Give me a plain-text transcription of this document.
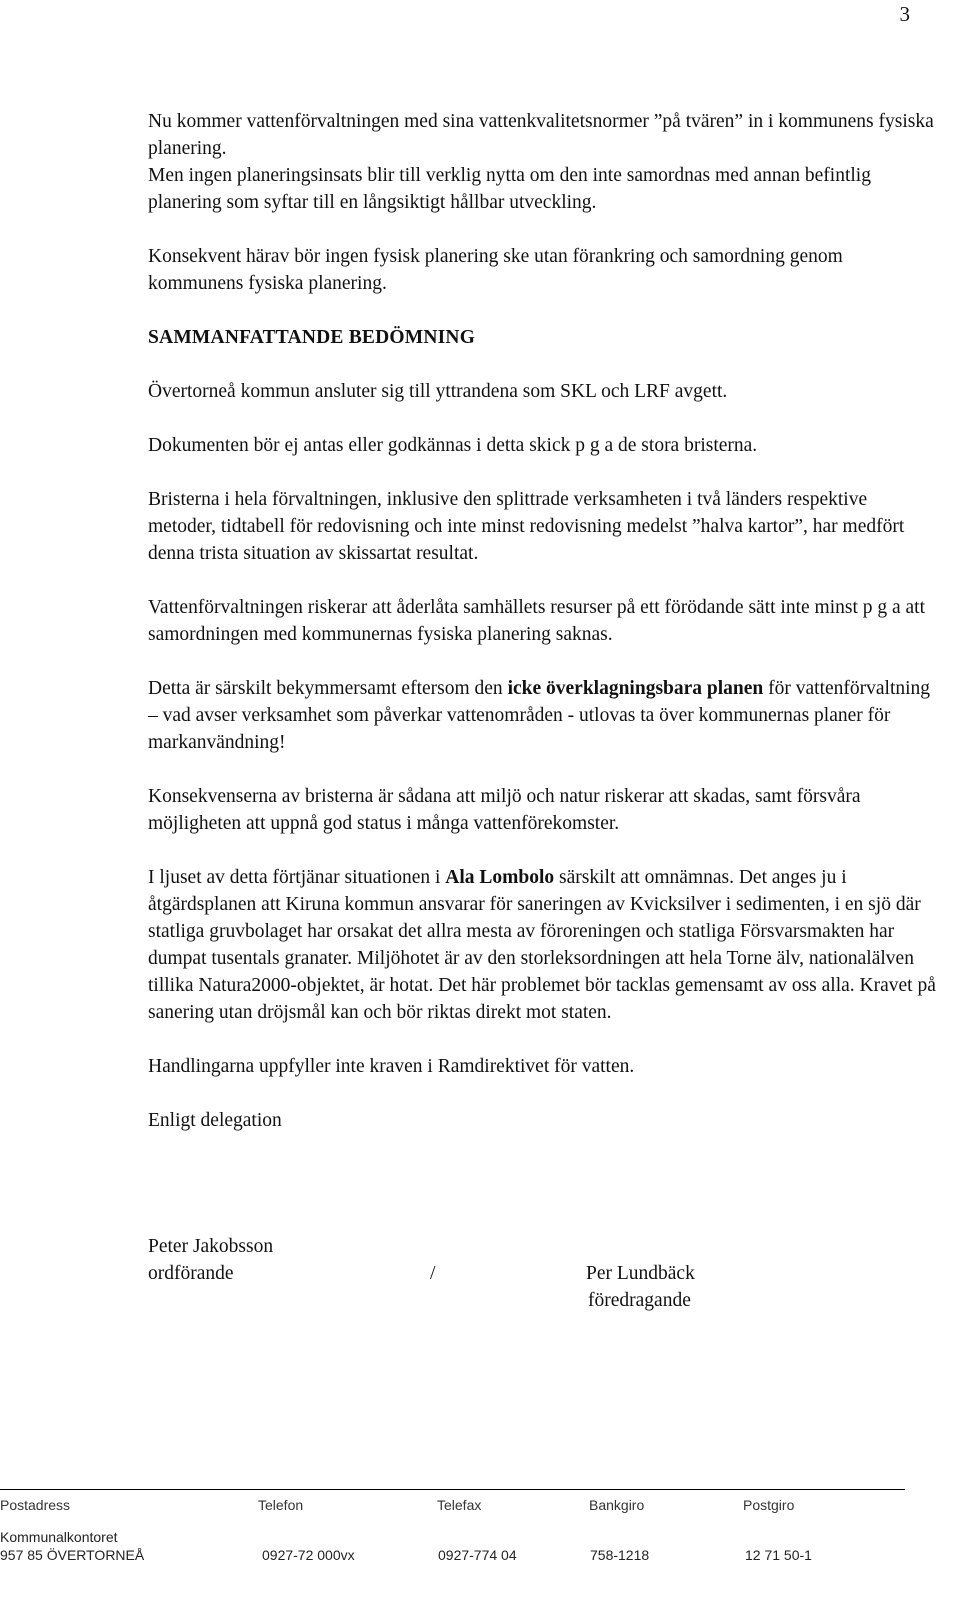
3

Nu kommer vattenförvaltningen med sina vattenkvalitetsnormer ”på tvären” in i kommunens fysiska planering.

Men ingen planeringsinsats blir till verklig nytta om den inte samordnas med annan befintlig planering som syftar till en långsiktigt hållbar utveckling.

Konsekvent härav bör ingen fysisk planering ske utan förankring och samordning genom kommunens fysiska planering.

SAMMANFATTANDE BEDÖMNING

Övertorneå kommun ansluter sig till yttrandena som SKL och LRF avgett.

Dokumenten bör ej antas eller godkännas i detta skick p g a de stora bristerna.

Bristerna i hela förvaltningen, inklusive den splittrade verksamheten i två länders respektive metoder, tidtabell för redovisning och inte minst redovisning medelst ”halva kartor”, har medfört denna trista situation av skissartat resultat.

Vattenförvaltningen riskerar att åderlåta samhällets resurser på ett förödande sätt inte minst p g a att samordningen med kommunernas fysiska planering saknas.

Detta är särskilt bekymmersamt eftersom den icke överklagningsbara planen för vattenförvaltning – vad avser verksamhet som påverkar vattenområden - utlovas ta över kommunernas planer för markanvändning!

Konsekvenserna av bristerna är sådana att miljö och natur riskerar att skadas, samt försvåra möjligheten att uppnå god status i många vattenförekomster.

I ljuset av detta förtjänar situationen i Ala Lombolo särskilt att omnämnas. Det anges ju i åtgärdsplanen att Kiruna kommun ansvarar för saneringen av Kvicksilver i sedimenten, i en sjö där statliga gruvbolaget har orsakat det allra mesta av föroreningen och statliga Försvarsmakten har dumpat tusentals granater. Miljöhotet är av den storleksordningen att hela Torne älv, nationalälven tillika Natura2000-objektet, är hotat. Det här problemet bör tacklas gemensamt av oss alla. Kravet på sanering utan dröjsmål kan och bör riktas direkt mot staten.

Handlingarna uppfyller inte kraven i Ramdirektivet för vatten.

Enligt delegation

Peter Jakobsson
ordförande	/	Per Lundbäck
föredragande
Postadress	Telefon	Telefax	Bankgiro	Postgiro
Kommunalkontoret
957 85 ÖVERTORNEÅ	0927-72 000vx	0927-774 04	758-1218	12 71 50-1
